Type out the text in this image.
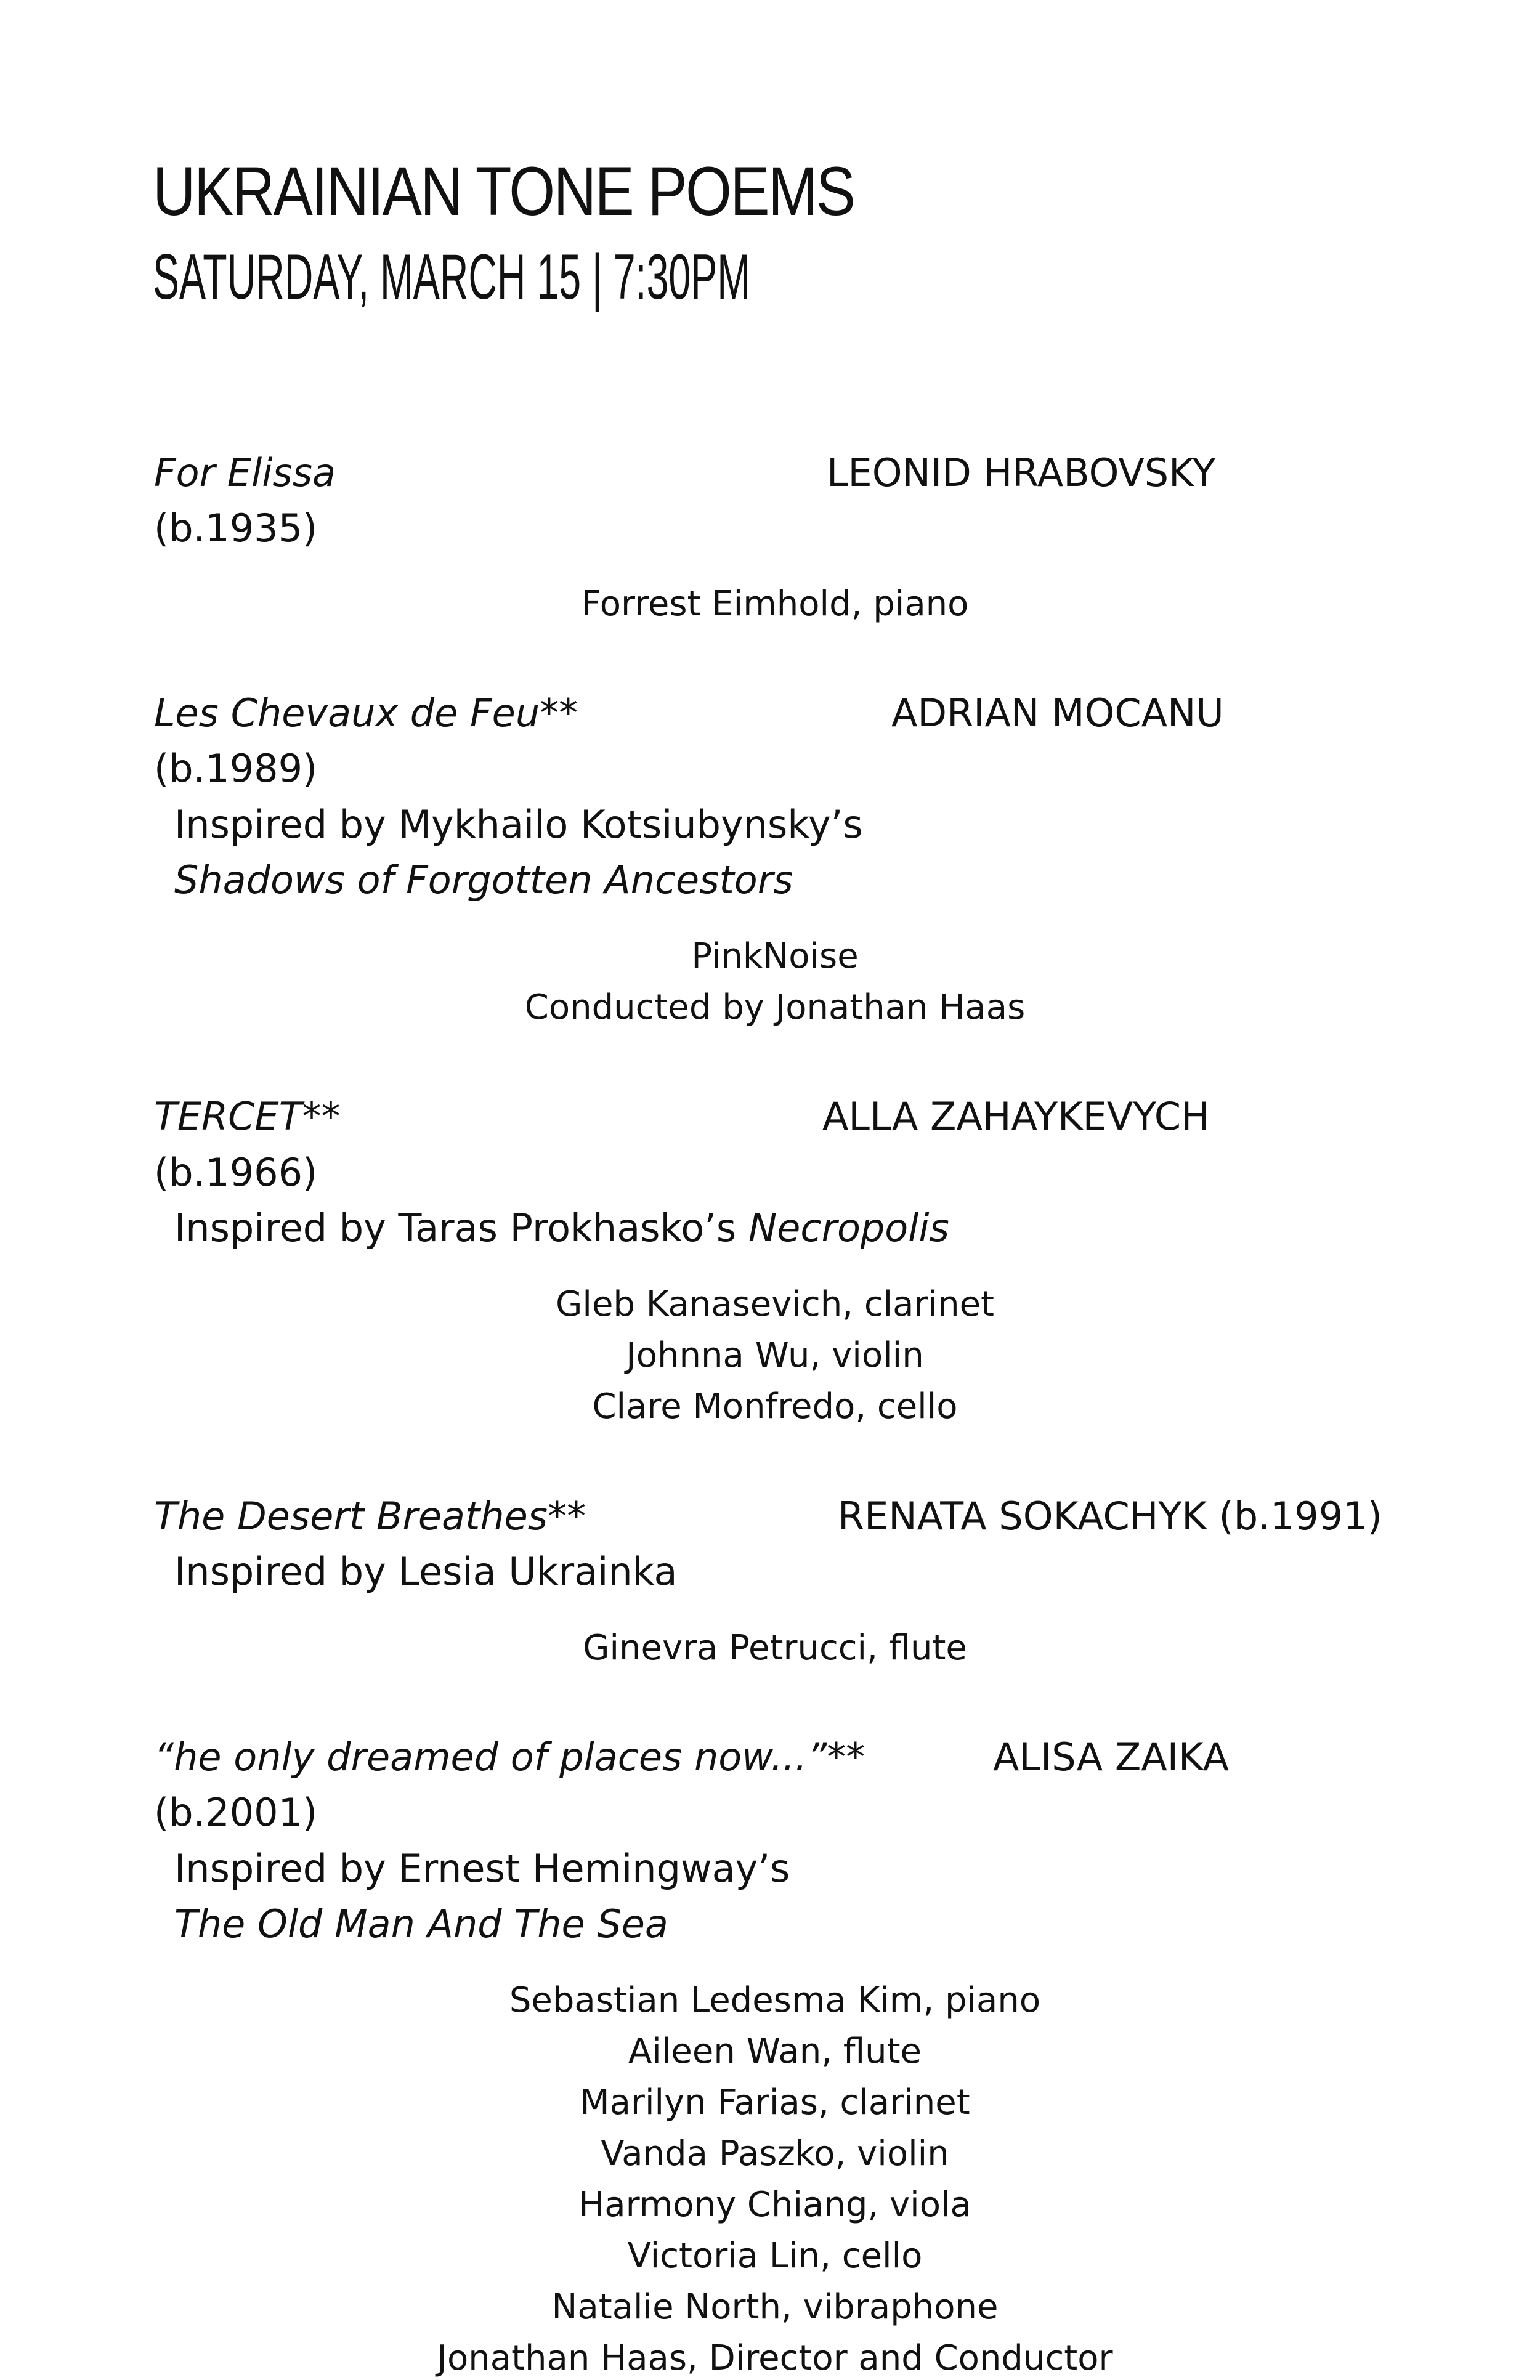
UKRAINIAN TONE POEMS
SATURDAY, MARCH 15 | 7:30PM
For Elissa	LEONID HRABOVSKY
(b.1935)
Forrest Eimhold, piano
Les Chevaux de Feu**	ADRIAN MOCANU
(b.1989)
Inspired by Mykhailo Kotsiubynsky’s
Shadows of Forgotten Ancestors
PinkNoise
Conducted by Jonathan Haas
TERCET**	ALLA ZAHAYKEVYCH
(b.1966)
Inspired by Taras Prokhasko’s Necropolis
Gleb Kanasevich, clarinet
Johnna Wu, violin
Clare Monfredo, cello
The Desert Breathes**	RENATA SOKACHYK (b.1991)
Inspired by Lesia Ukrainka
Ginevra Petrucci, flute
“he only dreamed of places now...”**	ALISA ZAIKA
(b.2001)
Inspired by Ernest Hemingway’s
The Old Man And The Sea
Sebastian Ledesma Kim, piano
Aileen Wan, flute
Marilyn Farias, clarinet
Vanda Paszko, violin
Harmony Chiang, viola
Victoria Lin, cello
Natalie North, vibraphone
Jonathan Haas, Director and Conductor
